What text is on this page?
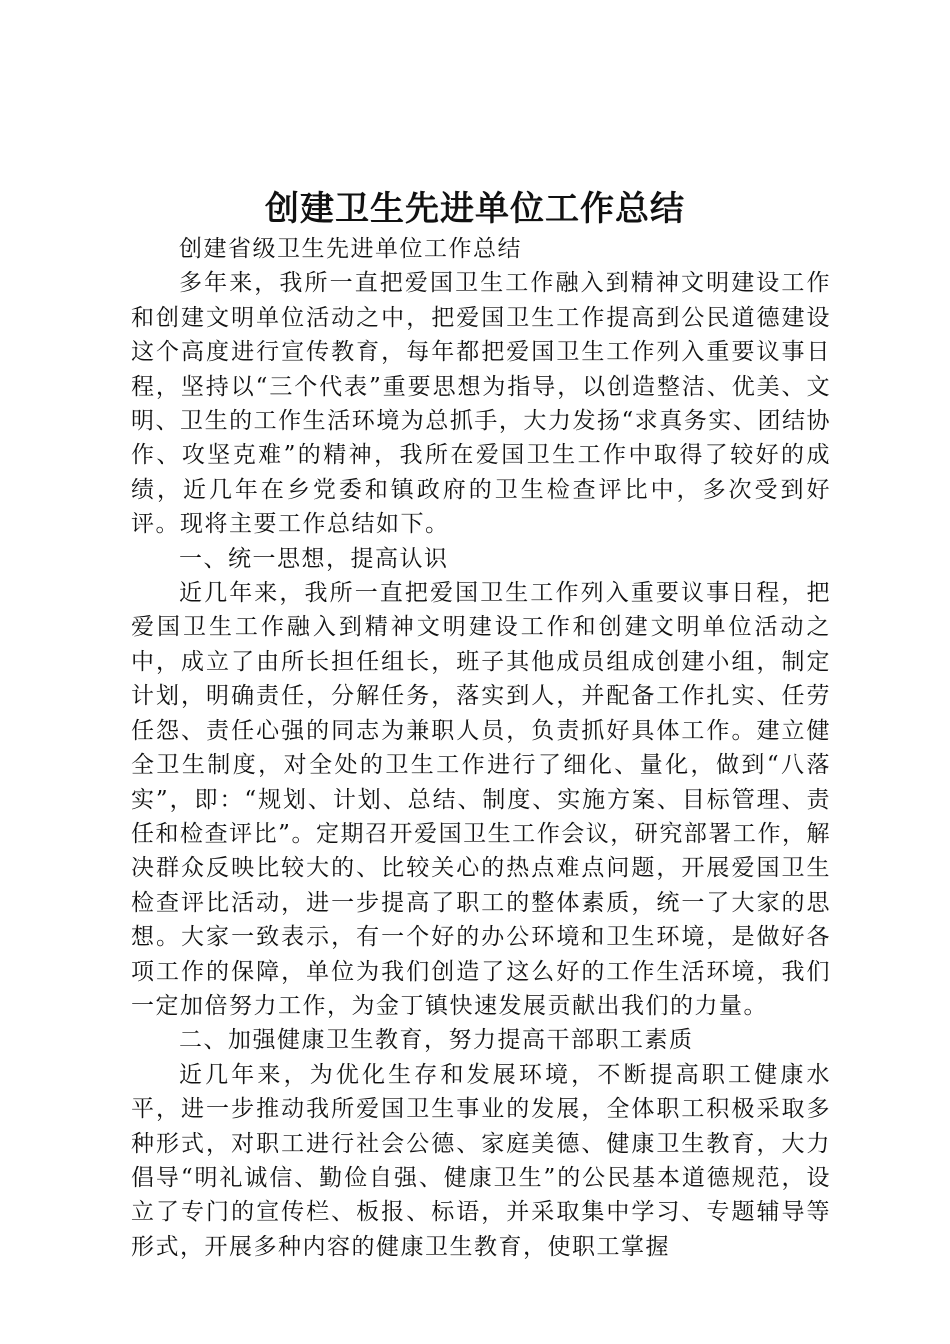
创建卫生先进单位工作总结

创建省级卫生先进单位工作总结

多年来，我所一直把爱国卫生工作融入到精神文明建设工作和创建文明单位活动之中，把爱国卫生工作提高到公民道德建设这个高度进行宣传教育，每年都把爱国卫生工作列入重要议事日程，坚持以“三个代表”重要思想为指导，以创造整洁、优美、文明、卫生的工作生活环境为总抓手，大力发扬“求真务实、团结协作、攻坚克难”的精神，我所在爱国卫生工作中取得了较好的成绩，近几年在乡党委和镇政府的卫生检查评比中，多次受到好评。现将主要工作总结如下。

一、统一思想，提高认识

近几年来，我所一直把爱国卫生工作列入重要议事日程，把爱国卫生工作融入到精神文明建设工作和创建文明单位活动之中，成立了由所长担任组长，班子其他成员组成创建小组，制定计划，明确责任，分解任务，落实到人，并配备工作扎实、任劳任怨、责任心强的同志为兼职人员，负责抓好具体工作。建立健全卫生制度，对全处的卫生工作进行了细化、量化，做到“八落实”，即：“规划、计划、总结、制度、实施方案、目标管理、责任和检查评比”。定期召开爱国卫生工作会议，研究部署工作，解决群众反映比较大的、比较关心的热点难点问题，开展爱国卫生检查评比活动，进一步提高了职工的整体素质，统一了大家的思想。大家一致表示，有一个好的办公环境和卫生环境，是做好各项工作的保障，单位为我们创造了这么好的工作生活环境，我们一定加倍努力工作，为金丁镇快速发展贡献出我们的力量。

二、加强健康卫生教育，努力提高干部职工素质

近几年来，为优化生存和发展环境，不断提高职工健康水平，进一步推动我所爱国卫生事业的发展，全体职工积极采取多种形式，对职工进行社会公德、家庭美德、健康卫生教育，大力倡导“明礼诚信、勤俭自强、健康卫生”的公民基本道德规范，设立了专门的宣传栏、板报、标语，并采取集中学习、专题辅导等形式，开展多种内容的健康卫生教育，使职工掌握
